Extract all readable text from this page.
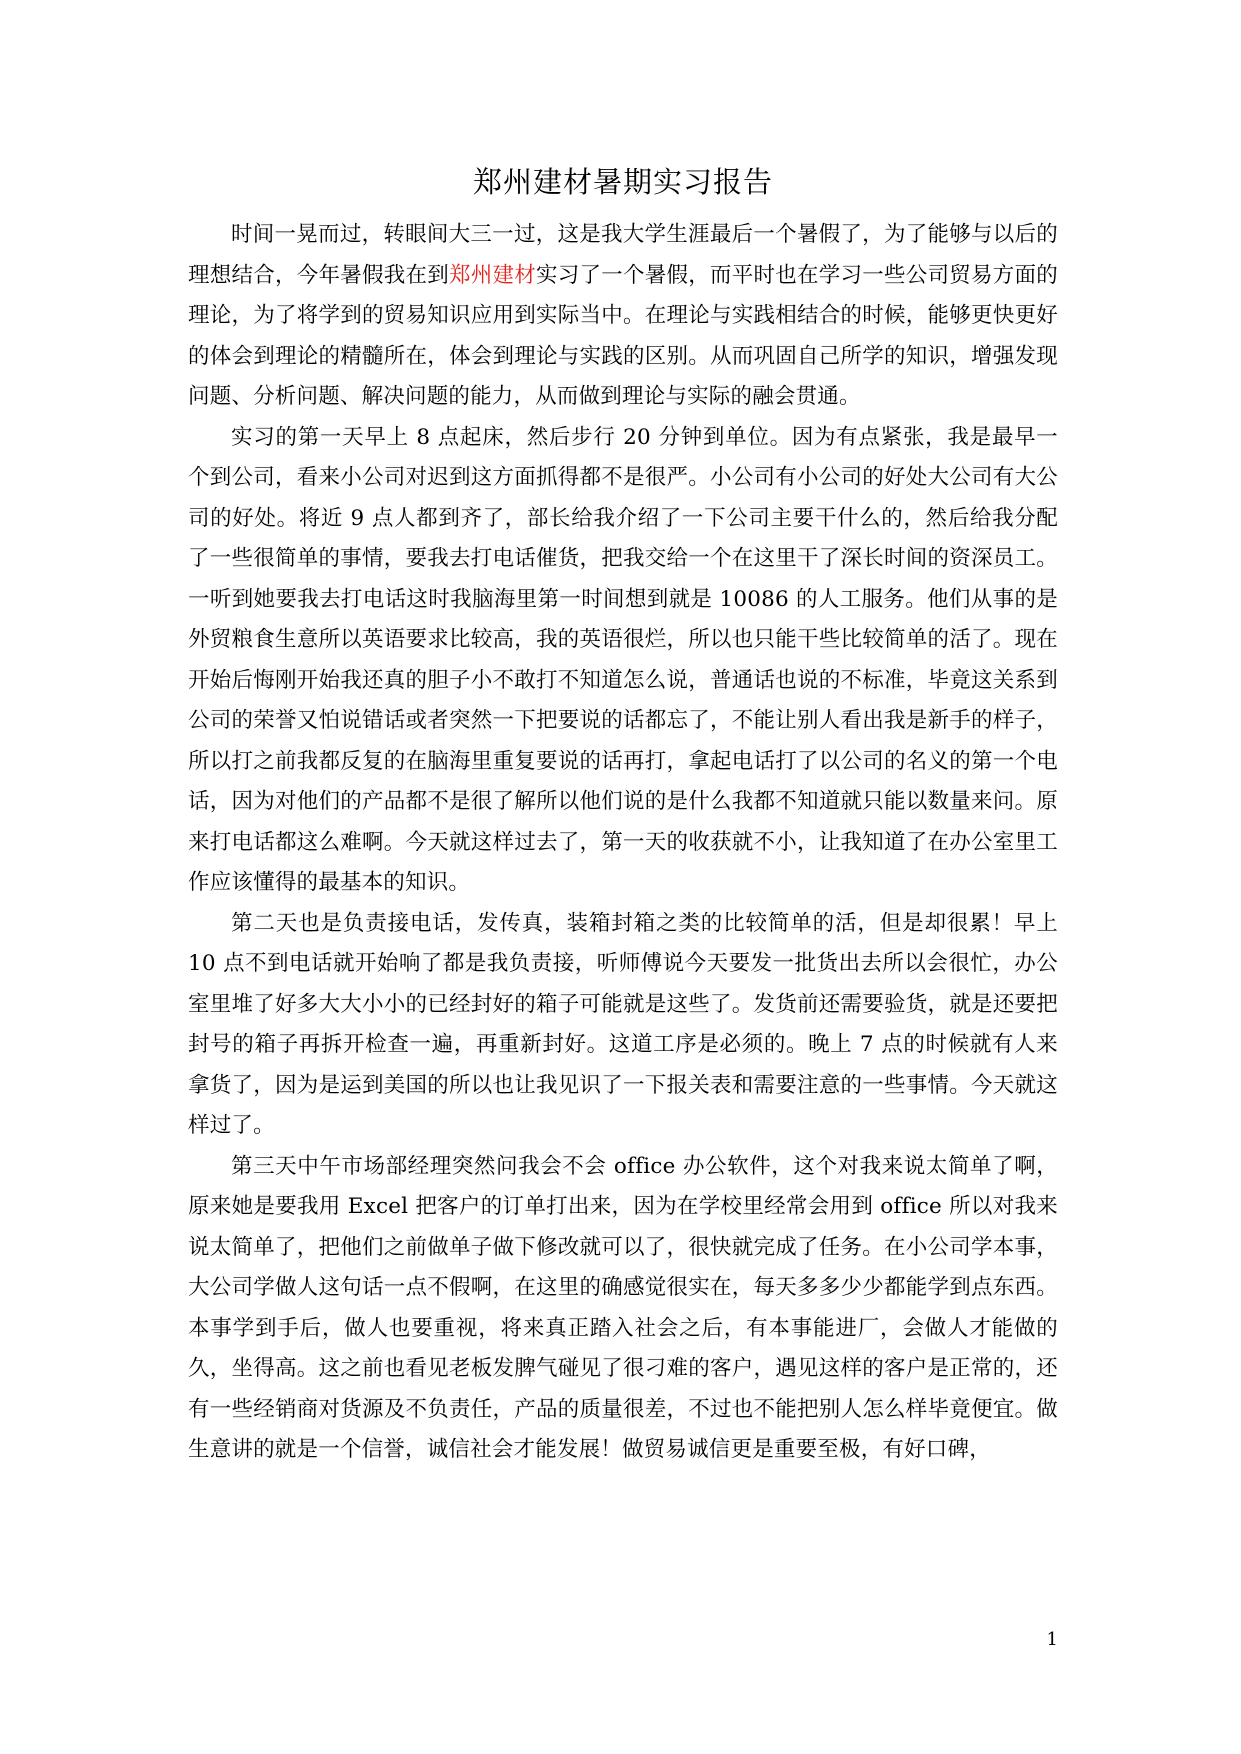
郑州建材暑期实习报告

时间一晃而过，转眼间大三一过，这是我大学生涯最后一个暑假了，为了能够与以后的理想结合，今年暑假我在到郑州建材实习了一个暑假，而平时也在学习一些公司贸易方面的理论，为了将学到的贸易知识应用到实际当中。在理论与实践相结合的时候，能够更快更好的体会到理论的精髓所在，体会到理论与实践的区别。从而巩固自己所学的知识，增强发现问题、分析问题、解决问题的能力，从而做到理论与实际的融会贯通。

实习的第一天早上 8 点起床，然后步行 20 分钟到单位。因为有点紧张，我是最早一个到公司，看来小公司对迟到这方面抓得都不是很严。小公司有小公司的好处大公司有大公司的好处。将近 9 点人都到齐了，部长给我介绍了一下公司主要干什么的，然后给我分配了一些很简单的事情，要我去打电话催货，把我交给一个在这里干了深长时间的资深员工。一听到她要我去打电话这时我脑海里第一时间想到就是 10086 的人工服务。他们从事的是外贸粮食生意所以英语要求比较高，我的英语很烂，所以也只能干些比较简单的活了。现在开始后悔刚开始我还真的胆子小不敢打不知道怎么说，普通话也说的不标准，毕竟这关系到公司的荣誉又怕说错话或者突然一下把要说的话都忘了，不能让别人看出我是新手的样子，所以打之前我都反复的在脑海里重复要说的话再打，拿起电话打了以公司的名义的第一个电话，因为对他们的产品都不是很了解所以他们说的是什么我都不知道就只能以数量来问。原来打电话都这么难啊。今天就这样过去了，第一天的收获就不小，让我知道了在办公室里工作应该懂得的最基本的知识。

第二天也是负责接电话，发传真，装箱封箱之类的比较简单的活，但是却很累！早上 10 点不到电话就开始响了都是我负责接，听师傅说今天要发一批货出去所以会很忙，办公室里堆了好多大大小小的已经封好的箱子可能就是这些了。发货前还需要验货，就是还要把封号的箱子再拆开检查一遍，再重新封好。这道工序是必须的。晚上 7 点的时候就有人来拿货了，因为是运到美国的所以也让我见识了一下报关表和需要注意的一些事情。今天就这样过了。

第三天中午市场部经理突然问我会不会 office 办公软件，这个对我来说太简单了啊，原来她是要我用 Excel 把客户的订单打出来，因为在学校里经常会用到 office 所以对我来说太简单了，把他们之前做单子做下修改就可以了，很快就完成了任务。在小公司学本事，大公司学做人这句话一点不假啊，在这里的确感觉很实在，每天多多少少都能学到点东西。本事学到手后，做人也要重视，将来真正踏入社会之后，有本事能进厂，会做人才能做的久，坐得高。这之前也看见老板发脾气碰见了很刁难的客户，遇见这样的客户是正常的，还有一些经销商对货源及不负责任，产品的质量很差，不过也不能把别人怎么样毕竟便宜。做生意讲的就是一个信誉，诚信社会才能发展！做贸易诚信更是重要至极，有好口碑，

1
